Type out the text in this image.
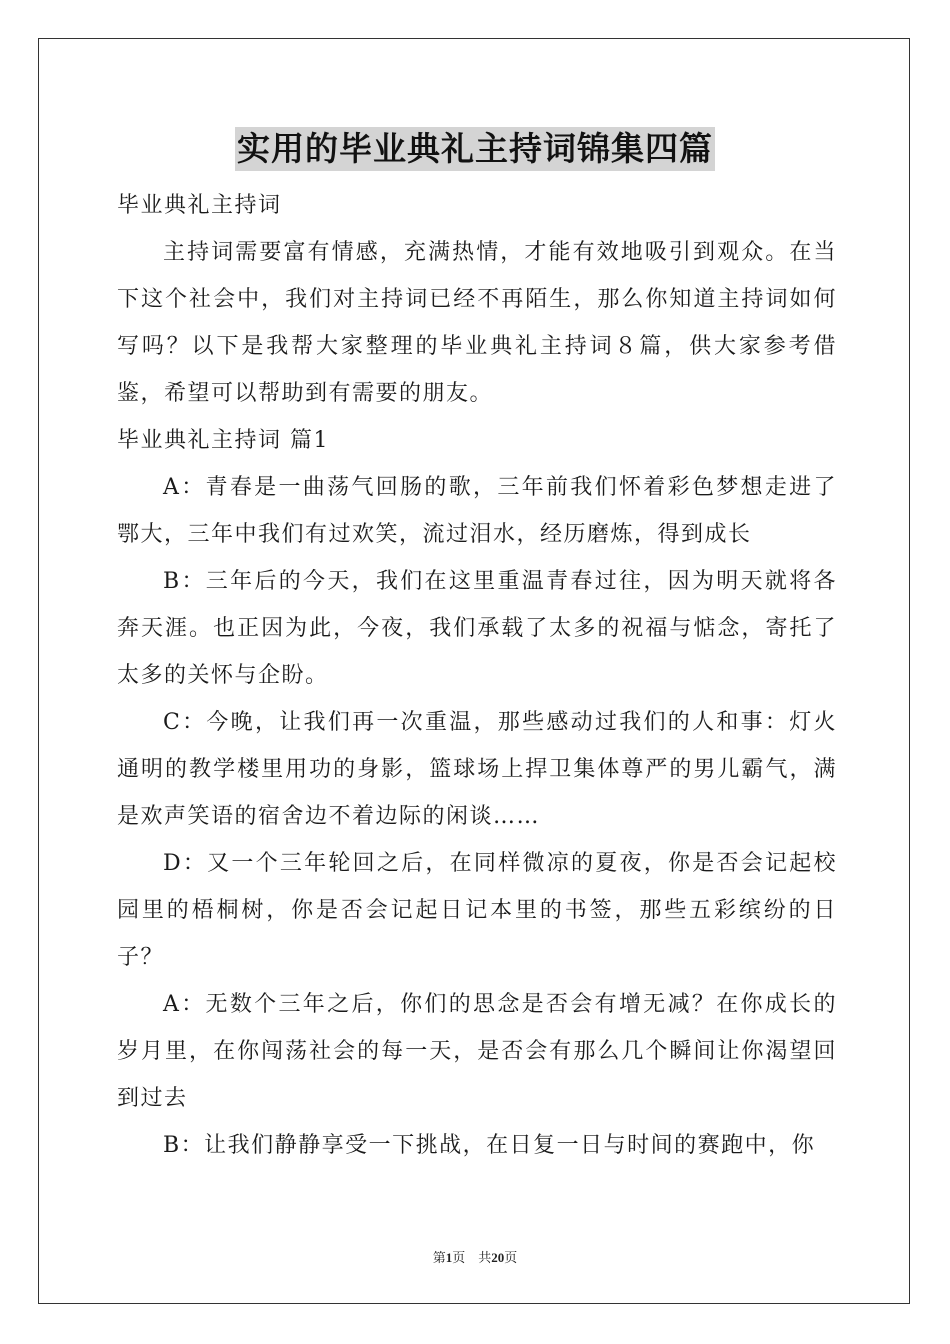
实用的毕业典礼主持词锦集四篇

毕业典礼主持词

主持词需要富有情感，充满热情，才能有效地吸引到观众。在当下这个社会中，我们对主持词已经不再陌生，那么你知道主持词如何写吗？以下是我帮大家整理的毕业典礼主持词８篇，供大家参考借鉴，希望可以帮助到有需要的朋友。

毕业典礼主持词 篇1

A：青春是一曲荡气回肠的歌，三年前我们怀着彩色梦想走进了鄂大，三年中我们有过欢笑，流过泪水，经历磨炼，得到成长

B：三年后的今天，我们在这里重温青春过往，因为明天就将各奔天涯。也正因为此，今夜，我们承载了太多的祝福与惦念，寄托了太多的关怀与企盼。

C：今晚，让我们再一次重温，那些感动过我们的人和事：灯火通明的教学楼里用功的身影，篮球场上捍卫集体尊严的男儿霸气，满是欢声笑语的宿舍边不着边际的闲谈……

D：又一个三年轮回之后，在同样微凉的夏夜，你是否会记起校园里的梧桐树，你是否会记起日记本里的书签，那些五彩缤纷的日子？

A：无数个三年之后，你们的思念是否会有增无减？在你成长的岁月里，在你闯荡社会的每一天，是否会有那么几个瞬间让你渴望回到过去

B：让我们静静享受一下挑战，在日复一日与时间的赛跑中，你

第1页　共20页
